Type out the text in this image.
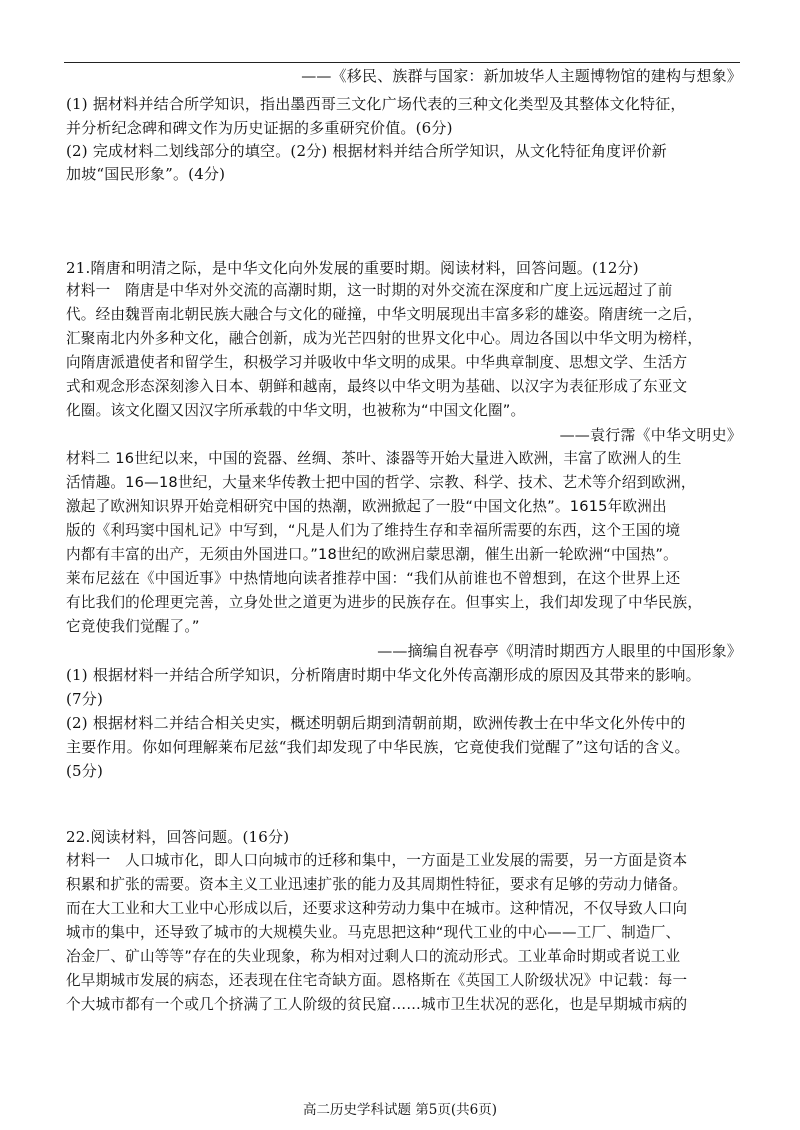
——《移民、族群与国家：新加坡华人主题博物馆的建构与想象》
(1) 据材料并结合所学知识，指出墨西哥三文化广场代表的三种文化类型及其整体文化特征，
并分析纪念碑和碑文作为历史证据的多重研究价值。(6分)
(2) 完成材料二划线部分的填空。(2分) 根据材料并结合所学知识，从文化特征角度评价新
加坡“国民形象”。(4分)
21.隋唐和明清之际，是中华文化向外发展的重要时期。阅读材料，回答问题。(12分)
材料一　隋唐是中华对外交流的高潮时期，这一时期的对外交流在深度和广度上远远超过了前
代。经由魏晋南北朝民族大融合与文化的碰撞，中华文明展现出丰富多彩的雄姿。隋唐统一之后，
汇聚南北内外多种文化，融合创新，成为光芒四射的世界文化中心。周边各国以中华文明为榜样，
向隋唐派遣使者和留学生，积极学习并吸收中华文明的成果。中华典章制度、思想文学、生活方
式和观念形态深刻渗入日本、朝鲜和越南，最终以中华文明为基础、以汉字为表征形成了东亚文
化圈。该文化圈又因汉字所承载的中华文明，也被称为“中国文化圈”。
——袁行霈《中华文明史》
材料二 16世纪以来，中国的瓷器、丝绸、茶叶、漆器等开始大量进入欧洲，丰富了欧洲人的生
活情趣。16—18世纪，大量来华传教士把中国的哲学、宗教、科学、技术、艺术等介绍到欧洲，
激起了欧洲知识界开始竞相研究中国的热潮，欧洲掀起了一股“中国文化热”。1615年欧洲出
版的《利玛窦中国札记》中写到，“凡是人们为了维持生存和幸福所需要的东西，这个王国的境
内都有丰富的出产，无须由外国进口。”18世纪的欧洲启蒙思潮，催生出新一轮欧洲“中国热”。
莱布尼兹在《中国近事》中热情地向读者推荐中国：“我们从前谁也不曾想到，在这个世界上还
有比我们的伦理更完善，立身处世之道更为进步的民族存在。但事实上，我们却发现了中华民族，
它竟使我们觉醒了。”
——摘编自祝春亭《明清时期西方人眼里的中国形象》
(1) 根据材料一并结合所学知识，分析隋唐时期中华文化外传高潮形成的原因及其带来的影响。
(7分)
(2) 根据材料二并结合相关史实，概述明朝后期到清朝前期，欧洲传教士在中华文化外传中的
主要作用。你如何理解莱布尼兹“我们却发现了中华民族，它竟使我们觉醒了”这句话的含义。
(5分)
22.阅读材料，回答问题。(16分)
材料一　人口城市化，即人口向城市的迁移和集中，一方面是工业发展的需要，另一方面是资本
积累和扩张的需要。资本主义工业迅速扩张的能力及其周期性特征，要求有足够的劳动力储备。
而在大工业和大工业中心形成以后，还要求这种劳动力集中在城市。这种情况，不仅导致人口向
城市的集中，还导致了城市的大规模失业。马克思把这种“现代工业的中心——工厂、制造厂、
冶金厂、矿山等等”存在的失业现象，称为相对过剩人口的流动形式。工业革命时期或者说工业
化早期城市发展的病态，还表现在住宅奇缺方面。恩格斯在《英国工人阶级状况》中记载：每一
个大城市都有一个或几个挤满了工人阶级的贫民窟……城市卫生状况的恶化，也是早期城市病的
高二历史学科试题 第5页(共6页)
